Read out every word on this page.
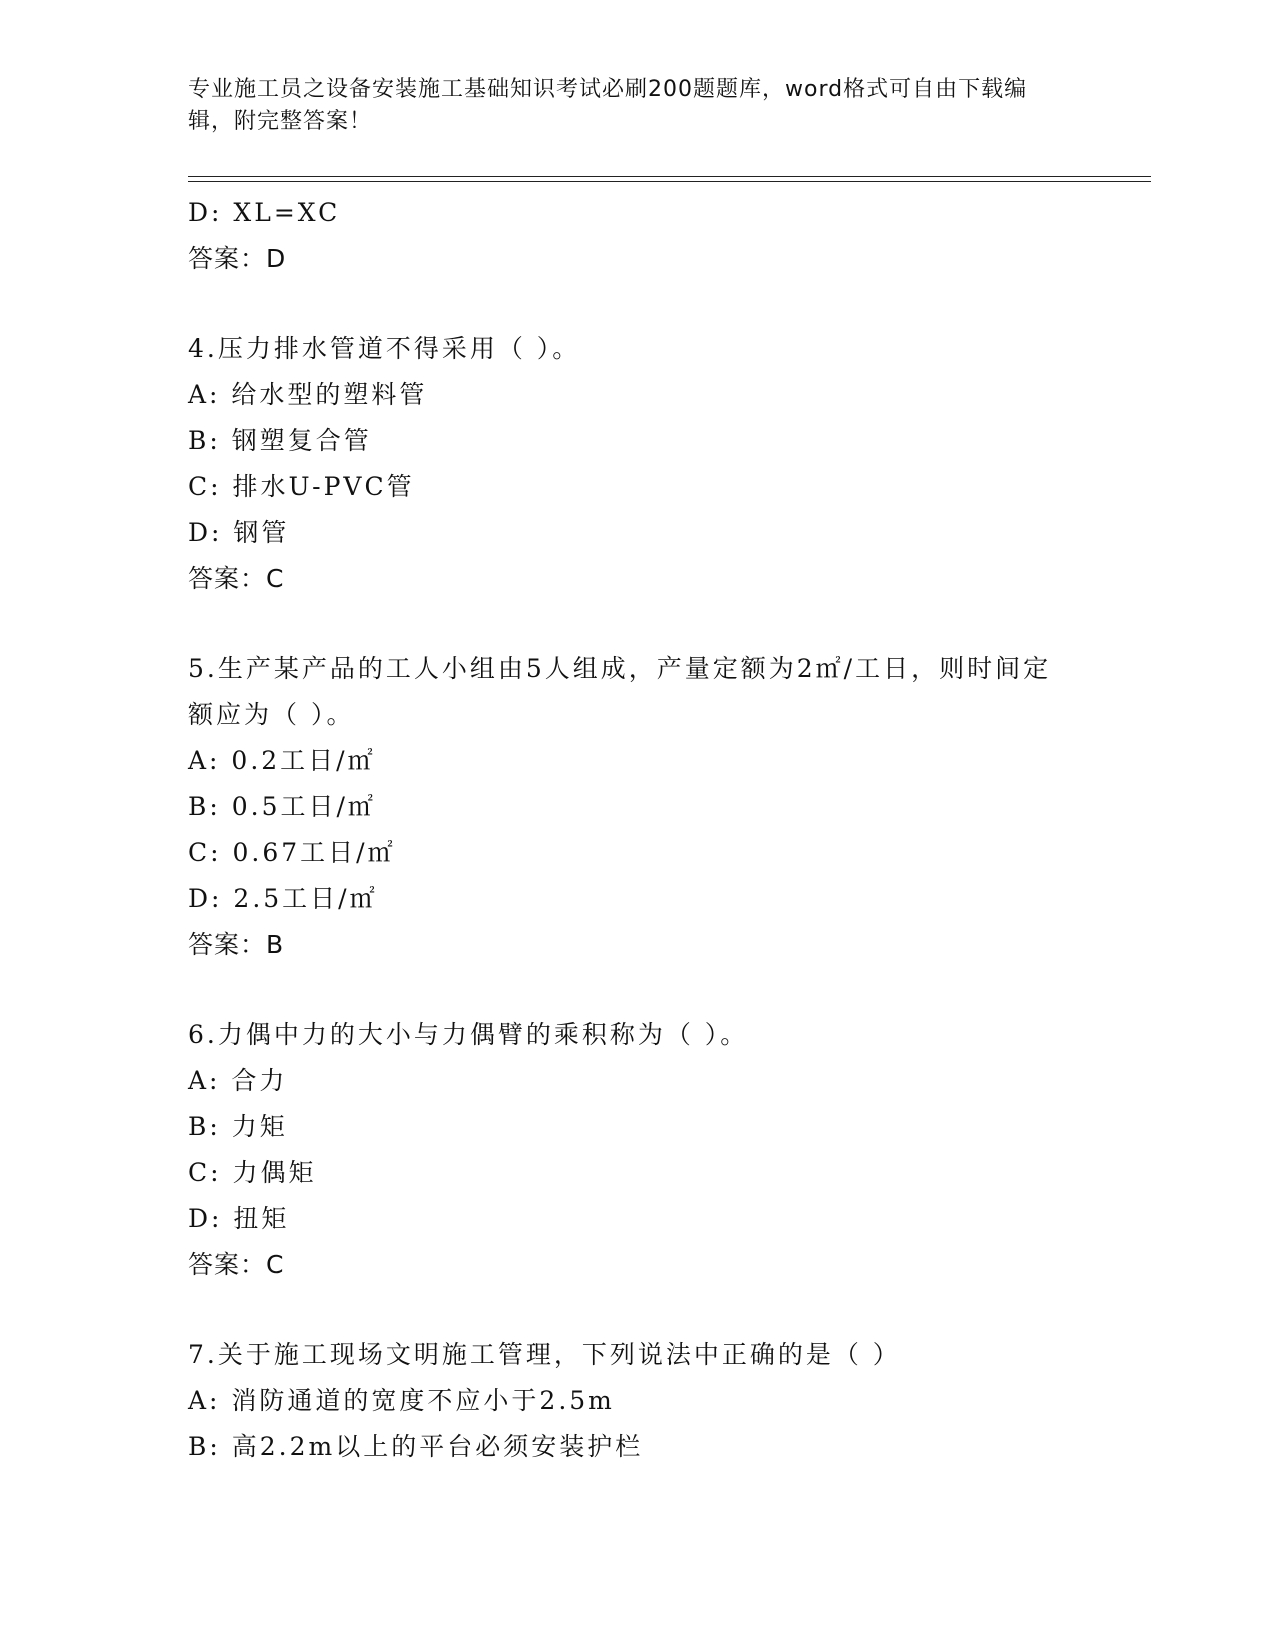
专业施工员之设备安装施工基础知识考试必刷200题题库，word格式可自由下载编辑，附完整答案！
D: XL=XC
答案：D
4.压力排水管道不得采用（ ）。
A: 给水型的塑料管
B: 钢塑复合管
C: 排水U-PVC管
D: 钢管
答案：C
5.生产某产品的工人小组由5人组成，产量定额为2㎡/工日，则时间定额应为（ ）。
A: 0.2工日/㎡
B: 0.5工日/㎡
C: 0.67工日/㎡
D: 2.5工日/㎡
答案：B
6.力偶中力的大小与力偶臂的乘积称为（ ）。
A: 合力
B: 力矩
C: 力偶矩
D: 扭矩
答案：C
7.关于施工现场文明施工管理，下列说法中正确的是（ ）
A: 消防通道的宽度不应小于2.5m
B: 高2.2m以上的平台必须安装护栏
